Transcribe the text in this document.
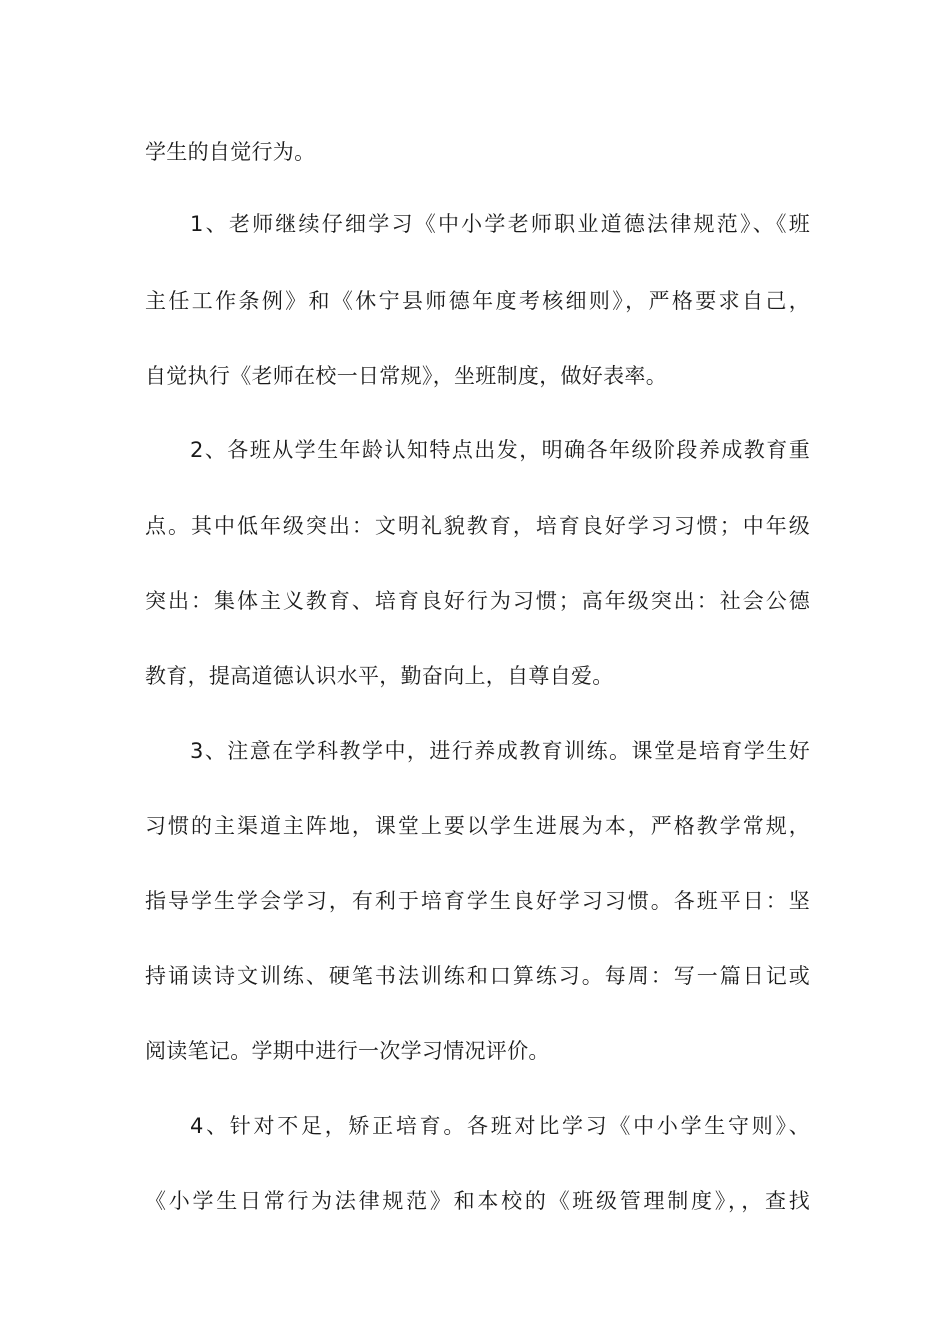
学生的自觉行为。
1、老师继续仔细学习《中小学老师职业道德法律规范》、《班
主任工作条例》和《休宁县师德年度考核细则》，严格要求自己，
自觉执行《老师在校一日常规》，坐班制度，做好表率。
2、各班从学生年龄认知特点出发，明确各年级阶段养成教育重
点。其中低年级突出：文明礼貌教育，培育良好学习习惯；中年级
突出：集体主义教育、培育良好行为习惯；高年级突出：社会公德
教育，提高道德认识水平，勤奋向上，自尊自爱。
3、注意在学科教学中，进行养成教育训练。课堂是培育学生好
习惯的主渠道主阵地，课堂上要以学生进展为本，严格教学常规，
指导学生学会学习，有利于培育学生良好学习习惯。各班平日：坚
持诵读诗文训练、硬笔书法训练和口算练习。每周：写一篇日记或
阅读笔记。学期中进行一次学习情况评价。
4、针对不足，矫正培育。各班对比学习《中小学生守则》、
《小学生日常行为法律规范》和本校的《班级管理制度》，，查找
